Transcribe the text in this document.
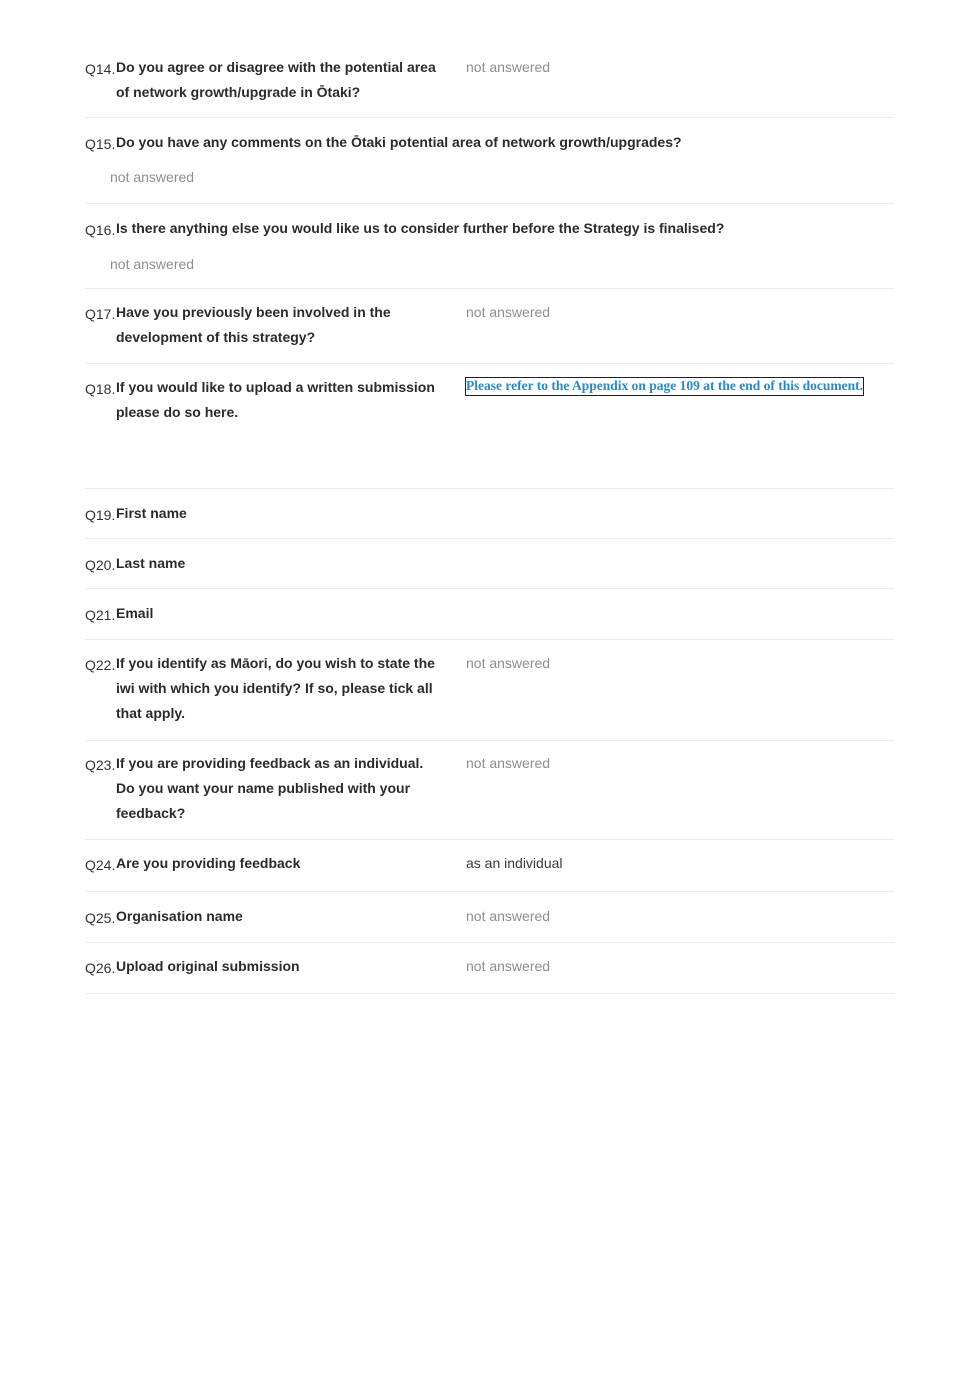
Q14. Do you agree or disagree with the potential area of network growth/upgrade in Ōtaki?
not answered
Q15. Do you have any comments on the Ōtaki potential area of network growth/upgrades?
not answered
Q16. Is there anything else you would like us to consider further before the Strategy is finalised?
not answered
Q17. Have you previously been involved in the development of this strategy?
not answered
Q18. If you would like to upload a written submission please do so here.
Please refer to the Appendix on page 109 at the end of this document.
Q19. First name
Q20. Last name
Q21. Email
Q22. If you identify as Māori, do you wish to state the iwi with which you identify? If so, please tick all that apply.
not answered
Q23. If you are providing feedback as an individual. Do you want your name published with your feedback?
not answered
Q24. Are you providing feedback	as an individual
Q25. Organisation name	not answered
Q26. Upload original submission	not answered
